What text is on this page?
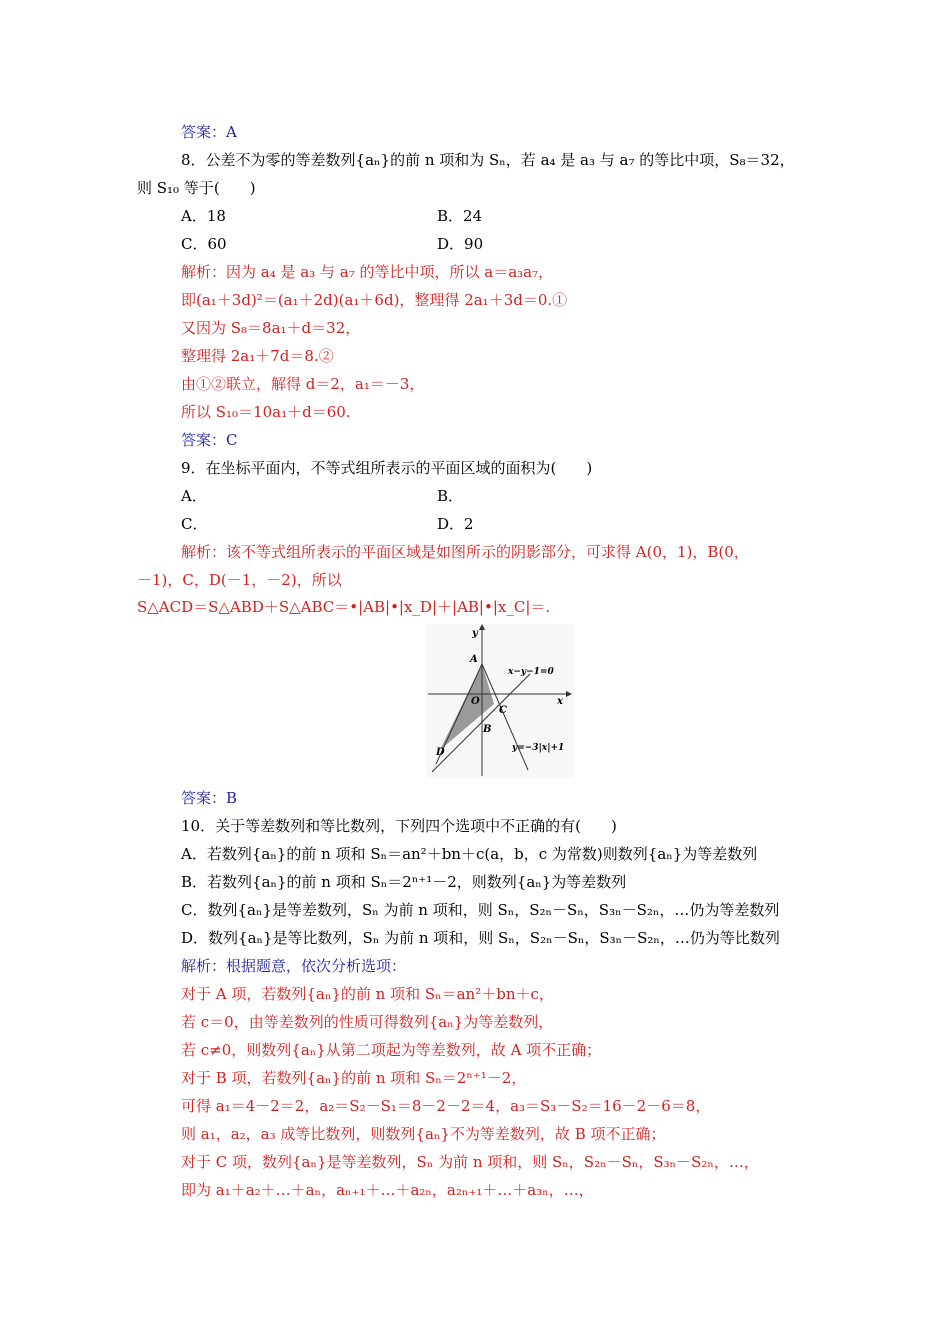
答案：A
8．公差不为零的等差数列{aₙ}的前 n 项和为 Sₙ，若 a₄ 是 a₃ 与 a₇ 的等比中项，S₈＝32，
则 S₁₀ 等于(　　)
A．18	B．24
C．60	D．90
解析：因为 a₄ 是 a₃ 与 a₇ 的等比中项，所以 a＝a₃a₇，
即(a₁＋3d)²＝(a₁＋2d)(a₁＋6d)，整理得 2a₁＋3d＝0.①
又因为 S₈＝8a₁＋d＝32，
整理得 2a₁＋7d＝8.②
由①②联立，解得 d＝2，a₁＝－3，
所以 S₁₀＝10a₁＋d＝60.
答案：C
9．在坐标平面内，不等式组所表示的平面区域的面积为(　　)
A．	B．
C．	D．2
解析：该不等式组所表示的平面区域是如图所示的阴影部分，可求得 A(0，1)，B(0，
－1)，C，D(－1，－2)，所以
S△ACD＝S△ABD＋S△ABC＝•|AB|•|x_D|＋|AB|•|x_C|＝.
答案：B
10．关于等差数列和等比数列，下列四个选项中不正确的有(　　)
A．若数列{aₙ}的前 n 项和 Sₙ＝an²＋bn＋c(a，b，c 为常数)则数列{aₙ}为等差数列
B．若数列{aₙ}的前 n 项和 Sₙ＝2ⁿ⁺¹－2，则数列{aₙ}为等差数列
C．数列{aₙ}是等差数列，Sₙ 为前 n 项和，则 Sₙ，S₂ₙ－Sₙ，S₃ₙ－S₂ₙ，…仍为等差数列
D．数列{aₙ}是等比数列，Sₙ 为前 n 项和，则 Sₙ，S₂ₙ－Sₙ，S₃ₙ－S₂ₙ，…仍为等比数列
解析：根据题意，依次分析选项：
对于 A 项，若数列{aₙ}的前 n 项和 Sₙ＝an²＋bn＋c，
若 c＝0，由等差数列的性质可得数列{aₙ}为等差数列，
若 c≠0，则数列{aₙ}从第二项起为等差数列，故 A 项不正确；
对于 B 项，若数列{aₙ}的前 n 项和 Sₙ＝2ⁿ⁺¹－2，
可得 a₁＝4－2＝2，a₂＝S₂－S₁＝8－2－2＝4，a₃＝S₃－S₂＝16－2－6＝8，
则 a₁，a₂，a₃ 成等比数列，则数列{aₙ}不为等差数列，故 B 项不正确；
对于 C 项，数列{aₙ}是等差数列，Sₙ 为前 n 项和，则 Sₙ，S₂ₙ－Sₙ，S₃ₙ－S₂ₙ，…，
即为 a₁＋a₂＋…＋aₙ，aₙ₊₁＋…＋a₂ₙ，a₂ₙ₊₁＋…＋a₃ₙ，…，
y
x
A
O
B
C
D
x−y−1=0
y=−3|x|+1
